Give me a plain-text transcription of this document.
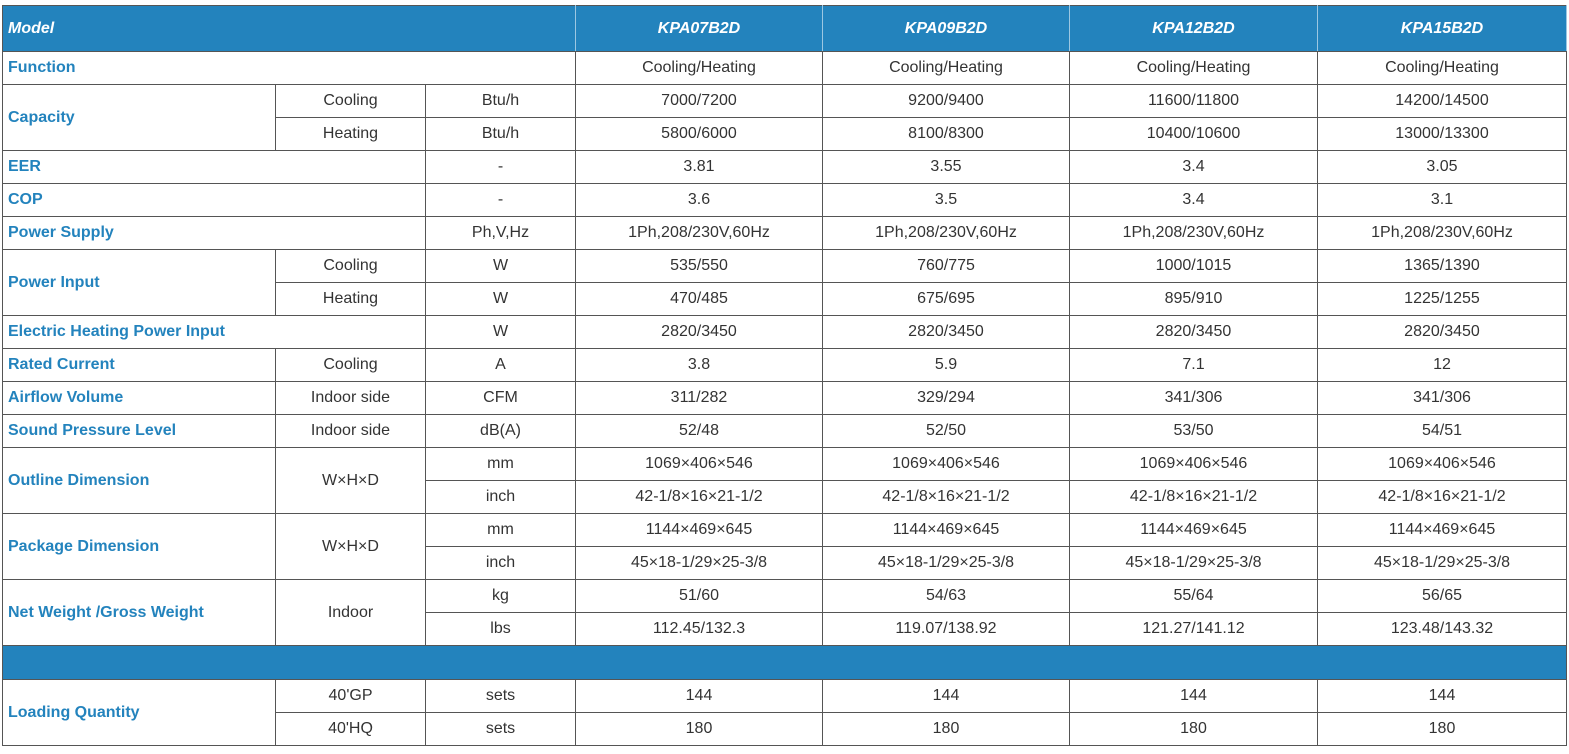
Model			KPA07B2D	KPA09B2D	KPA12B2D	KPA15B2D
Function			Cooling/Heating	Cooling/Heating	Cooling/Heating	Cooling/Heating
Capacity	Cooling	Btu/h	7000/7200	9200/9400	11600/11800	14200/14500
	Heating	Btu/h	5800/6000	8100/8300	10400/10600	13000/13300
EER		-	3.81	3.55	3.4	3.05
COP		-	3.6	3.5	3.4	3.1
Power Supply		Ph,V,Hz	1Ph,208/230V,60Hz	1Ph,208/230V,60Hz	1Ph,208/230V,60Hz	1Ph,208/230V,60Hz
Power Input	Cooling	W	535/550	760/775	1000/1015	1365/1390
	Heating	W	470/485	675/695	895/910	1225/1255
Electric Heating Power Input		W	2820/3450	2820/3450	2820/3450	2820/3450
Rated Current	Cooling	A	3.8	5.9	7.1	12
Airflow Volume	Indoor side	CFM	311/282	329/294	341/306	341/306
Sound Pressure Level	Indoor side	dB(A)	52/48	52/50	53/50	54/51
Outline Dimension	W×H×D	mm	1069×406×546	1069×406×546	1069×406×546	1069×406×546
		inch	42-1/8×16×21-1/2	42-1/8×16×21-1/2	42-1/8×16×21-1/2	42-1/8×16×21-1/2
Package Dimension	W×H×D	mm	1144×469×645	1144×469×645	1144×469×645	1144×469×645
		inch	45×18-1/29×25-3/8	45×18-1/29×25-3/8	45×18-1/29×25-3/8	45×18-1/29×25-3/8
Net Weight /Gross Weight	Indoor	kg	51/60	54/63	55/64	56/65
		lbs	112.45/132.3	119.07/138.92	121.27/141.12	123.48/143.32

Loading Quantity	40'GP	sets	144	144	144	144
	40'HQ	sets	180	180	180	180
